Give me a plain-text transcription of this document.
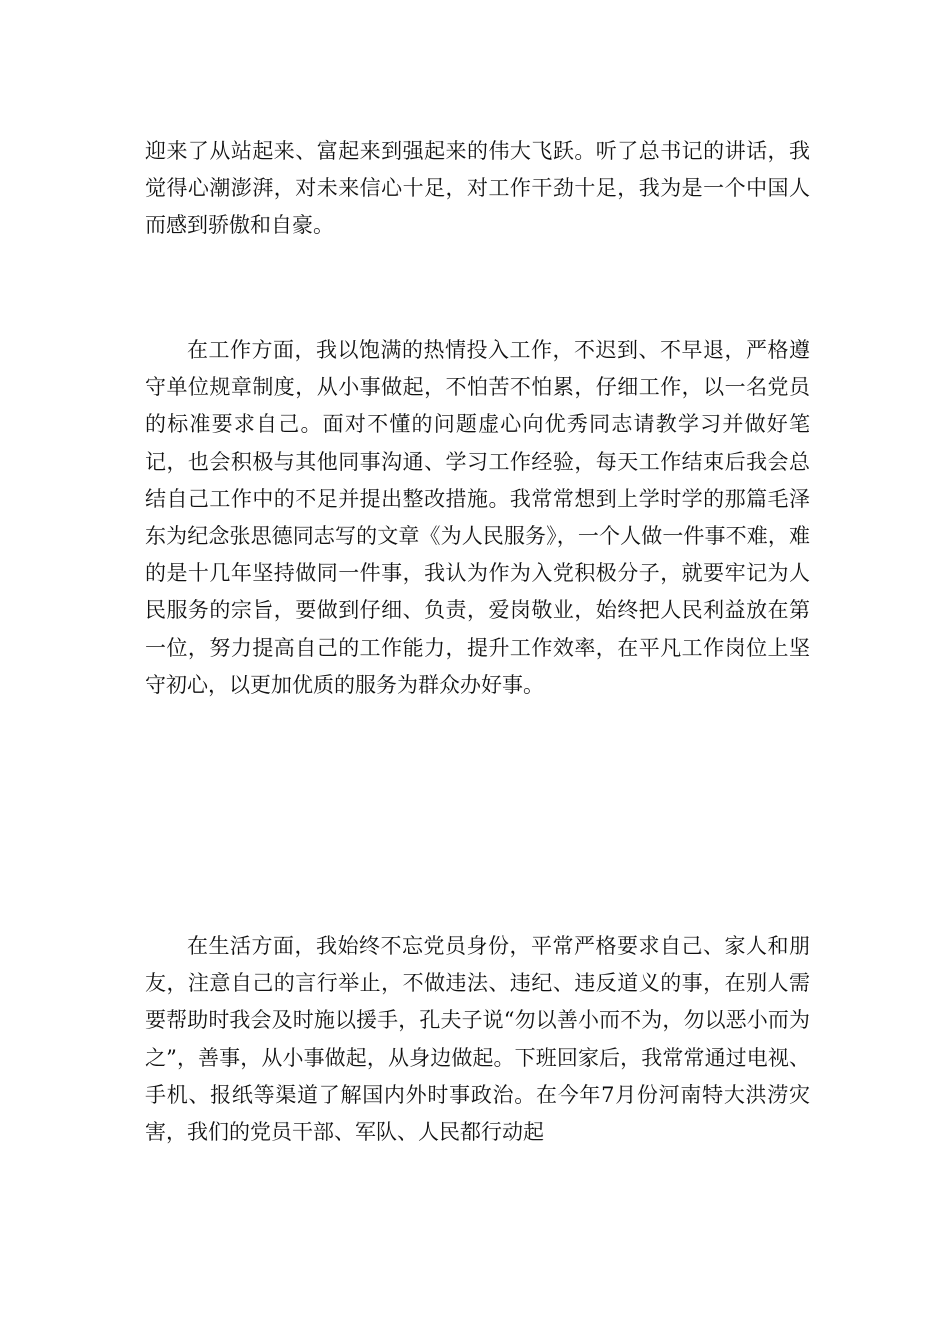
迎来了从站起来、富起来到强起来的伟大飞跃。听了总书记的讲话，我觉得心潮澎湃，对未来信心十足，对工作干劲十足，我为是一个中国人而感到骄傲和自豪。

在工作方面，我以饱满的热情投入工作，不迟到、不早退，严格遵守单位规章制度，从小事做起，不怕苦不怕累，仔细工作，以一名党员的标准要求自己。面对不懂的问题虚心向优秀同志请教学习并做好笔记，也会积极与其他同事沟通、学习工作经验，每天工作结束后我会总结自己工作中的不足并提出整改措施。我常常想到上学时学的那篇毛泽东为纪念张思德同志写的文章《为人民服务》，一个人做一件事不难，难的是十几年坚持做同一件事，我认为作为入党积极分子，就要牢记为人民服务的宗旨，要做到仔细、负责，爱岗敬业，始终把人民利益放在第一位，努力提高自己的工作能力，提升工作效率，在平凡工作岗位上坚守初心，以更加优质的服务为群众办好事。

在生活方面，我始终不忘党员身份，平常严格要求自己、家人和朋友，注意自己的言行举止，不做违法、违纪、违反道义的事，在别人需要帮助时我会及时施以援手，孔夫子说“勿以善小而不为，勿以恶小而为之”，善事，从小事做起，从身边做起。下班回家后，我常常通过电视、手机、报纸等渠道了解国内外时事政治。在今年7月份河南特大洪涝灾害，我们的党员干部、军队、人民都行动起
